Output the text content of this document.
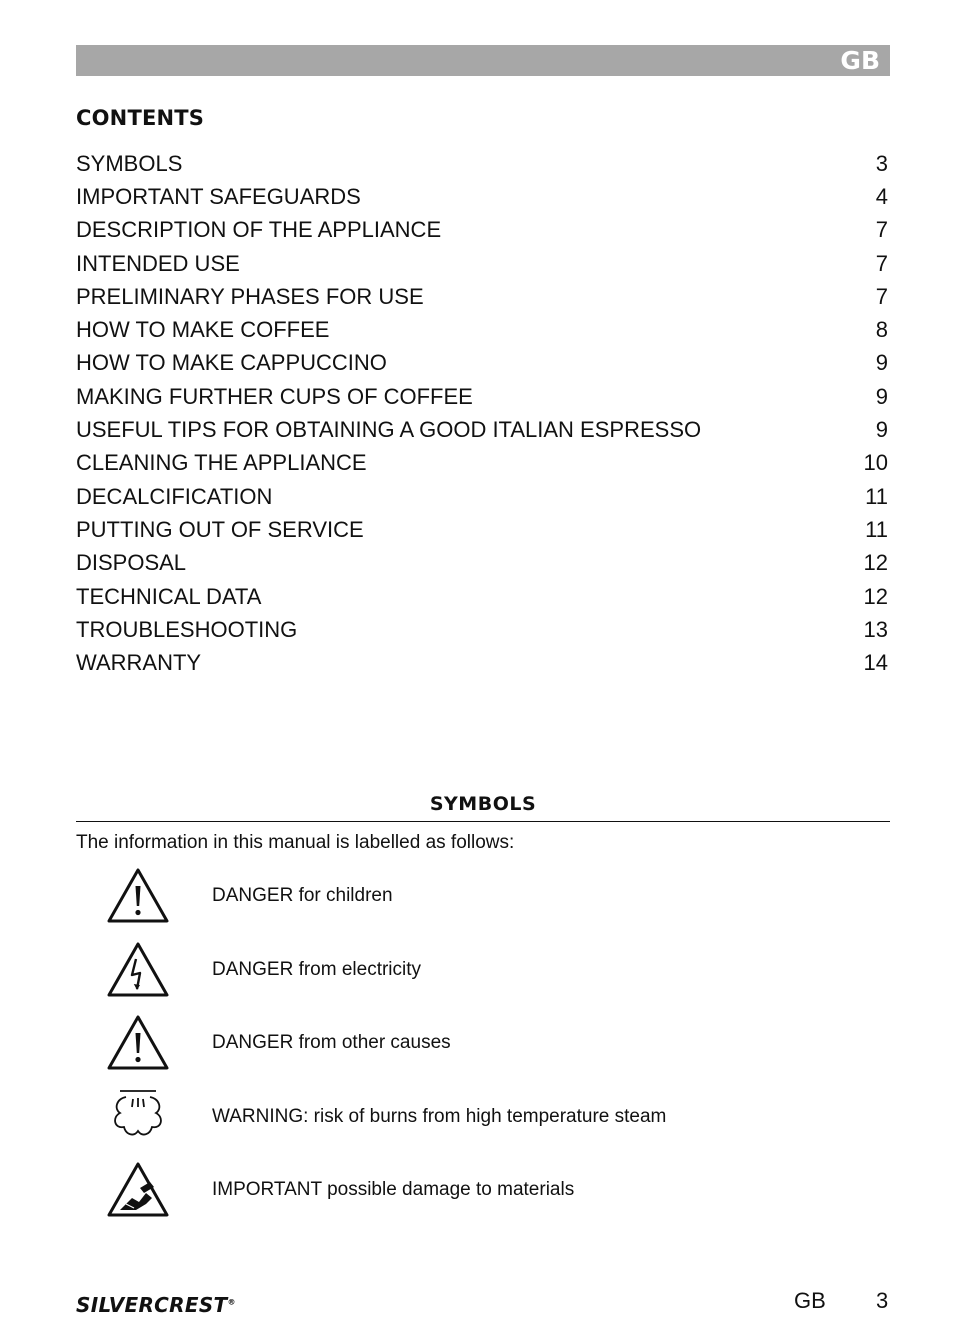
GB
CONTENTS
SYMBOLS	3
IMPORTANT SAFEGUARDS	4
DESCRIPTION OF THE APPLIANCE	7
INTENDED USE	7
PRELIMINARY PHASES FOR USE	7
HOW TO MAKE COFFEE	8
HOW TO MAKE CAPPUCCINO	9
MAKING FURTHER CUPS OF COFFEE	9
USEFUL TIPS FOR OBTAINING A GOOD ITALIAN ESPRESSO	9
CLEANING THE APPLIANCE	10
DECALCIFICATION	11
PUTTING OUT OF SERVICE	11
DISPOSAL	12
TECHNICAL DATA	12
TROUBLESHOOTING	13
WARRANTY	14
SYMBOLS
The information in this manual is labelled as follows:
DANGER for children
DANGER from electricity
DANGER from other causes
WARNING: risk of burns from high temperature steam
IMPORTANT possible damage to materials
SILVERCREST®	GB 3
